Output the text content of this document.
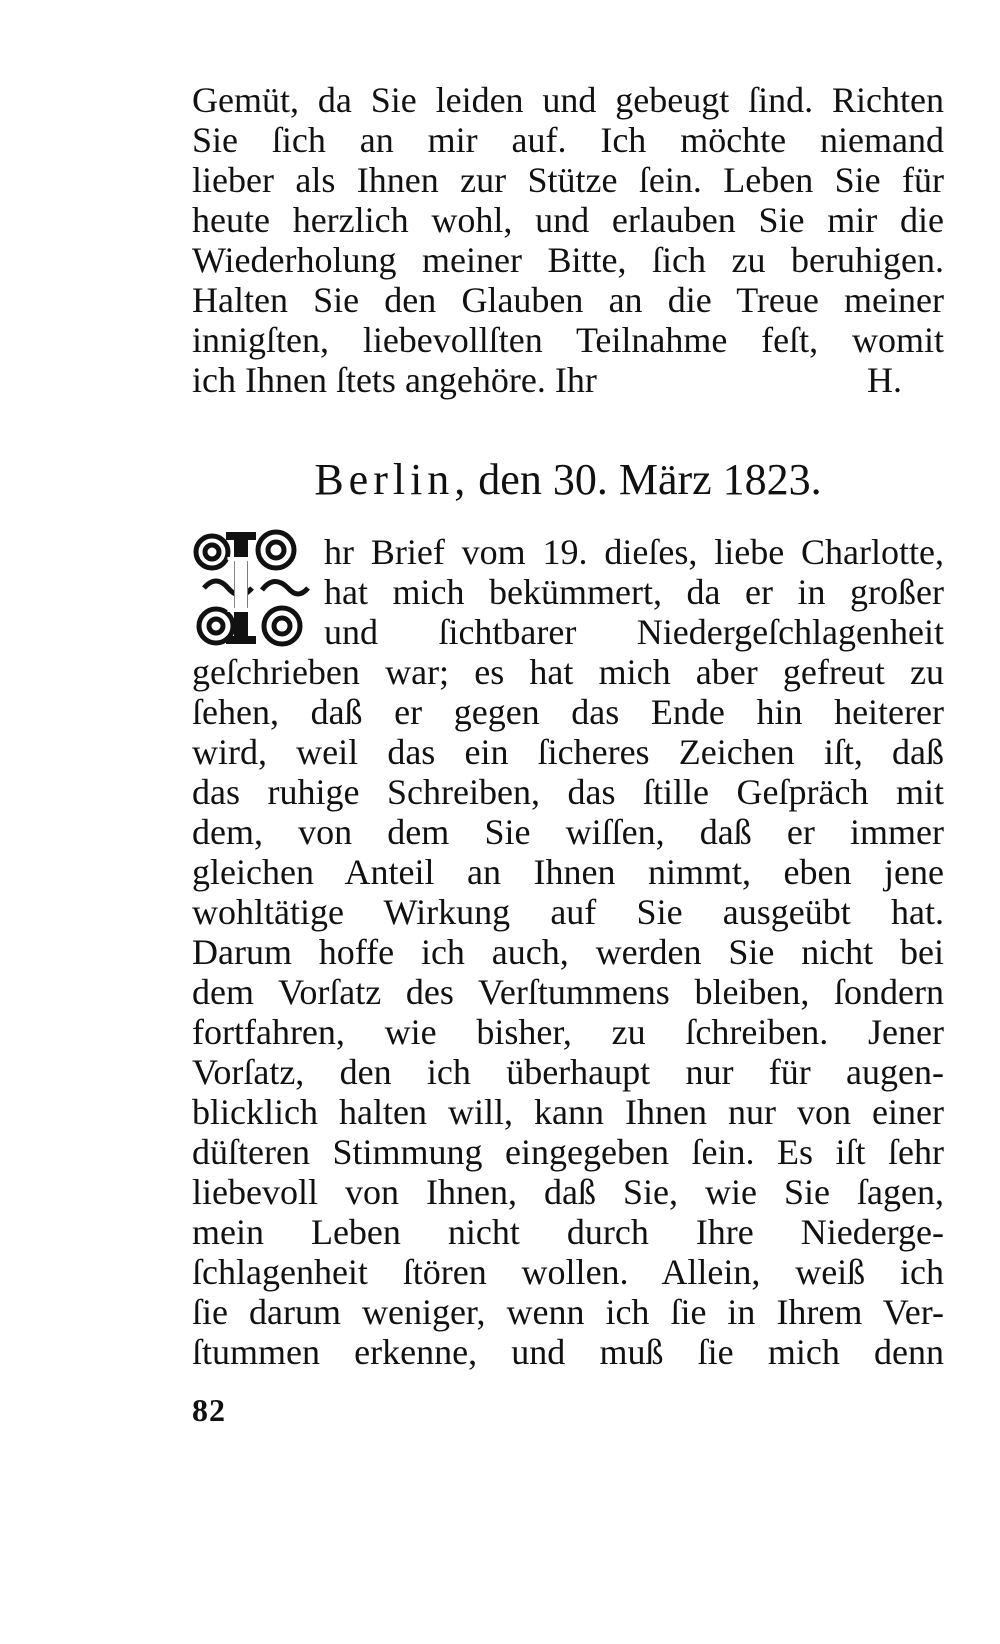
Gemüt, da Sie leiden und gebeugt ſind. Richten
Sie ſich an mir auf. Ich möchte niemand
lieber als Ihnen zur Stütze ſein. Leben Sie für
heute herzlich wohl, und erlauben Sie mir die
Wiederholung meiner Bitte, ſich zu beruhigen.
Halten Sie den Glauben an die Treue meiner
innigſten, liebevollſten Teilnahme feſt, womit
ich Ihnen ſtets angehöre. Ihr	H.
Berlin, den 30. März 1823.
I	hr Brief vom 19. dieſes, liebe Charlotte,
hat mich bekümmert, da er in großer
und ſichtbarer Niedergeſchlagenheit
geſchrieben war; es hat mich aber gefreut zu
ſehen, daß er gegen das Ende hin heiterer
wird, weil das ein ſicheres Zeichen iſt, daß
das ruhige Schreiben, das ſtille Geſpräch mit
dem, von dem Sie wiſſen, daß er immer
gleichen Anteil an Ihnen nimmt, eben jene
wohltätige Wirkung auf Sie ausgeübt hat.
Darum hoffe ich auch, werden Sie nicht bei
dem Vorſatz des Verſtummens bleiben, ſondern
fortfahren, wie bisher, zu ſchreiben. Jener
Vorſatz, den ich überhaupt nur für augen-
blicklich halten will, kann Ihnen nur von einer
düſteren Stimmung eingegeben ſein. Es iſt ſehr
liebevoll von Ihnen, daß Sie, wie Sie ſagen,
mein Leben nicht durch Ihre Niederge-
ſchlagenheit ſtören wollen. Allein, weiß ich
ſie darum weniger, wenn ich ſie in Ihrem Ver-
ſtummen erkenne, und muß ſie mich denn
82
